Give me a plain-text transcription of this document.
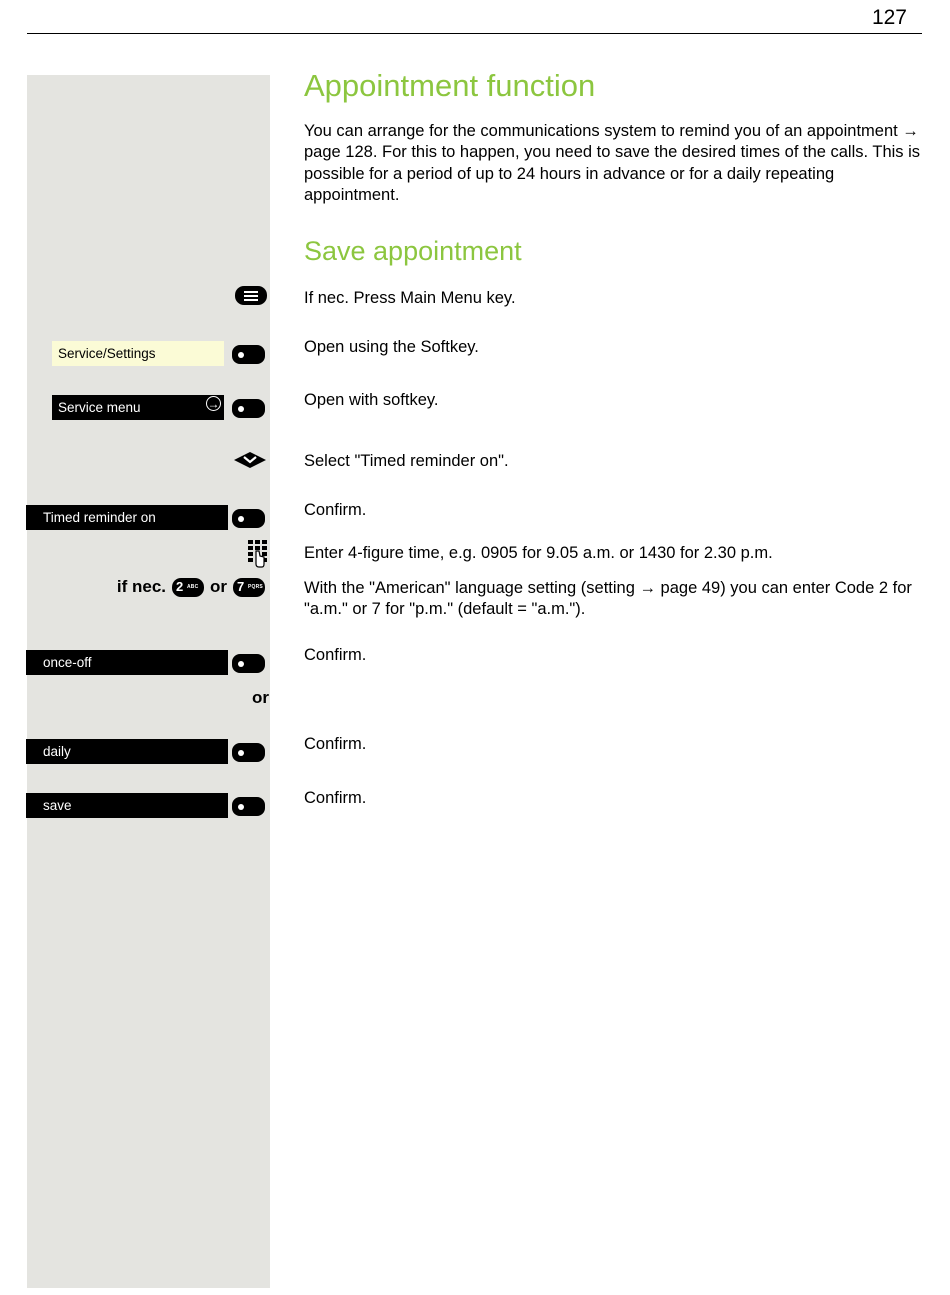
127
Service/Settings
Service menu	→
Timed reminder on
if nec. 2 ABC or 7 PQRS
once-off
or
daily
save
Appointment function
You can arrange for the communications system to remind you of an appointment → page 128. For this to happen, you need to save the desired times of the calls. This is possible for a period of up to 24 hours in advance or for a daily repeating appointment.
Save appointment
If nec. Press Main Menu key.
Open using the Softkey.
Open with softkey.
Select "Timed reminder on".
Confirm.
Enter 4-figure time, e.g. 0905 for 9.05 a.m. or 1430 for 2.30 p.m.
With the "American" language setting (setting → page 49) you can enter Code 2 for "a.m." or 7 for "p.m." (default = "a.m.").
Confirm.
Confirm.
Confirm.
